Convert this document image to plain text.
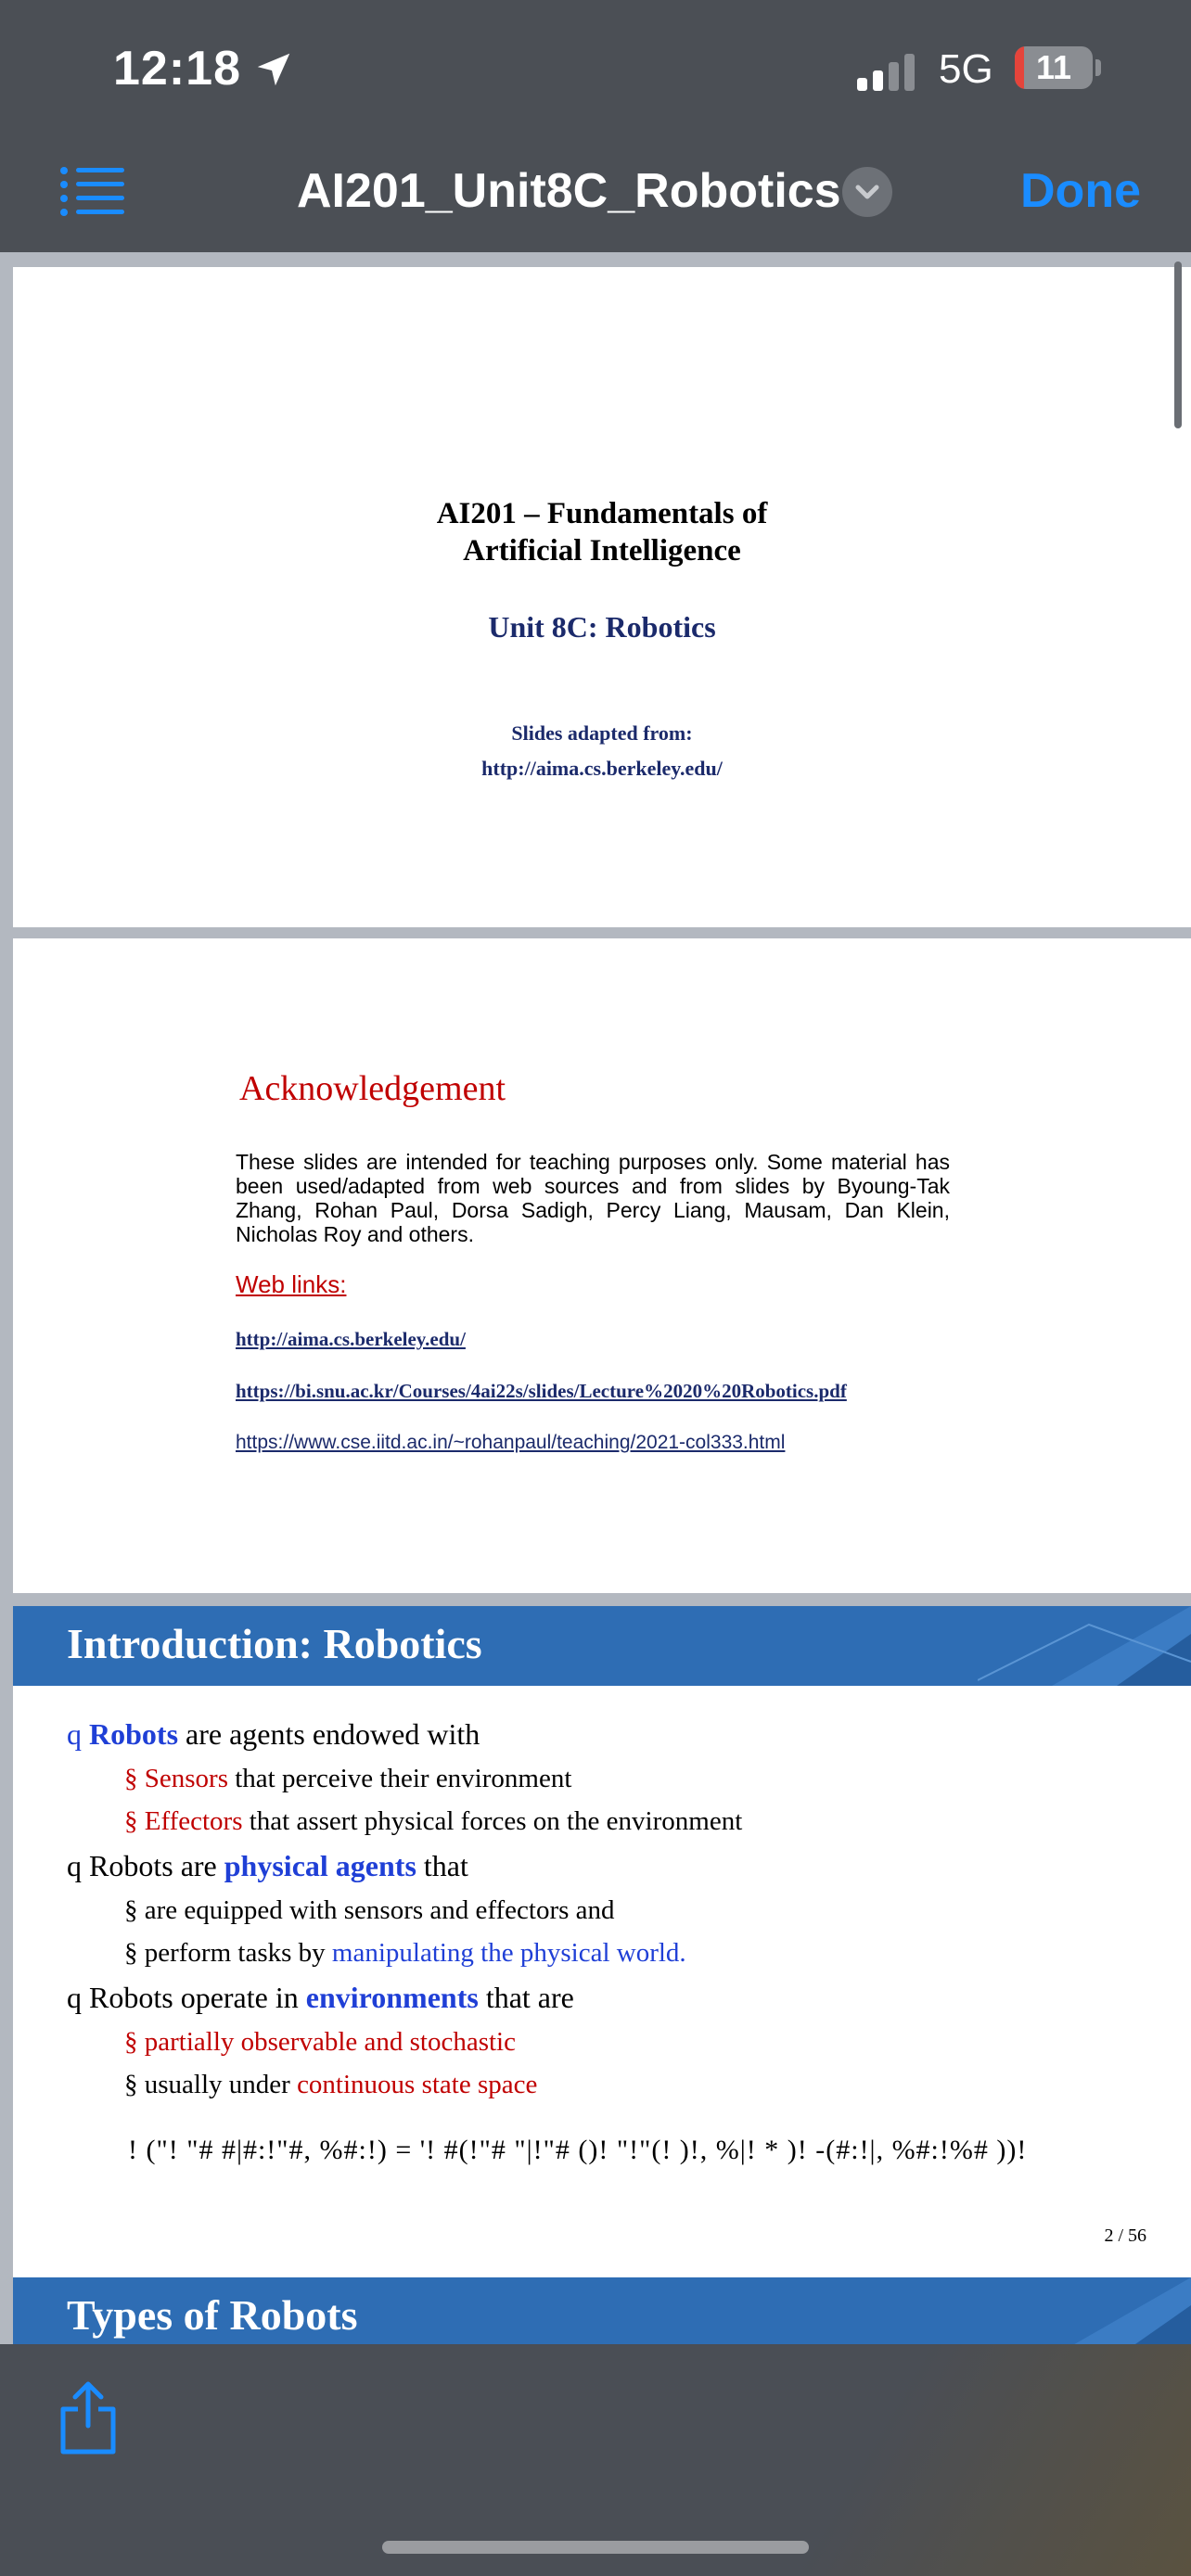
12:18	5G	11
AI201_Unit8C_Robotics	Done
AI201 – Fundamentals of
Artificial Intelligence
Unit 8C: Robotics
Slides adapted from:
http://aima.cs.berkeley.edu/
Acknowledgement
These slides are intended for teaching purposes only. Some material has been used/adapted from web sources and from slides by Byoung-Tak Zhang, Rohan Paul, Dorsa Sadigh, Percy Liang, Mausam, Dan Klein, Nicholas Roy and others.
Web links:
http://aima.cs.berkeley.edu/
https://bi.snu.ac.kr/Courses/4ai22s/slides/Lecture%2020%20Robotics.pdf
https://www.cse.iitd.ac.in/~rohanpaul/teaching/2021-col333.html
Introduction: Robotics
q Robots are agents endowed with
§ Sensors that perceive their environment
§ Effectors that assert physical forces on the environment
q Robots are physical agents that
§ are equipped with sensors and effectors and
§ perform tasks by manipulating the physical world.
q Robots operate in environments that are
§ partially observable and stochastic
§ usually under continuous state space
! ("! "# #|#:!"#, %#:!) = '! #(!"# "|!"# ()! "!"(! )!, %|! * )! -(#:!|, %#:!%# ))!
2 / 56
Types of Robots
